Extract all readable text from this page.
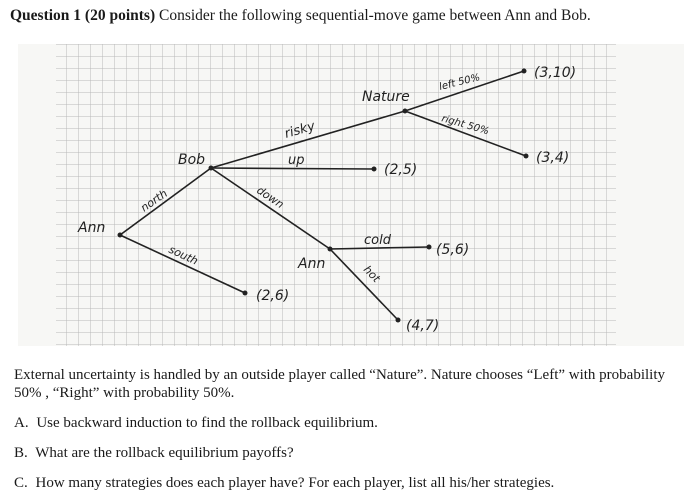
Question 1 (20 points) Consider the following sequential-move game between Ann and Bob.
Ann
Bob
Ann
Nature
north
south
risky
up
down
cold
hot
left 50%
right 50%
(2,6)
(2,5)
(5,6)
(4,7)
(3,10)
(3,4)
External uncertainty is handled by an outside player called “Nature”. Nature chooses “Left” with probability 50% , “Right” with probability 50%.
A. Use backward induction to find the rollback equilibrium.
B. What are the rollback equilibrium payoffs?
C. How many strategies does each player have? For each player, list all his/her strategies.
